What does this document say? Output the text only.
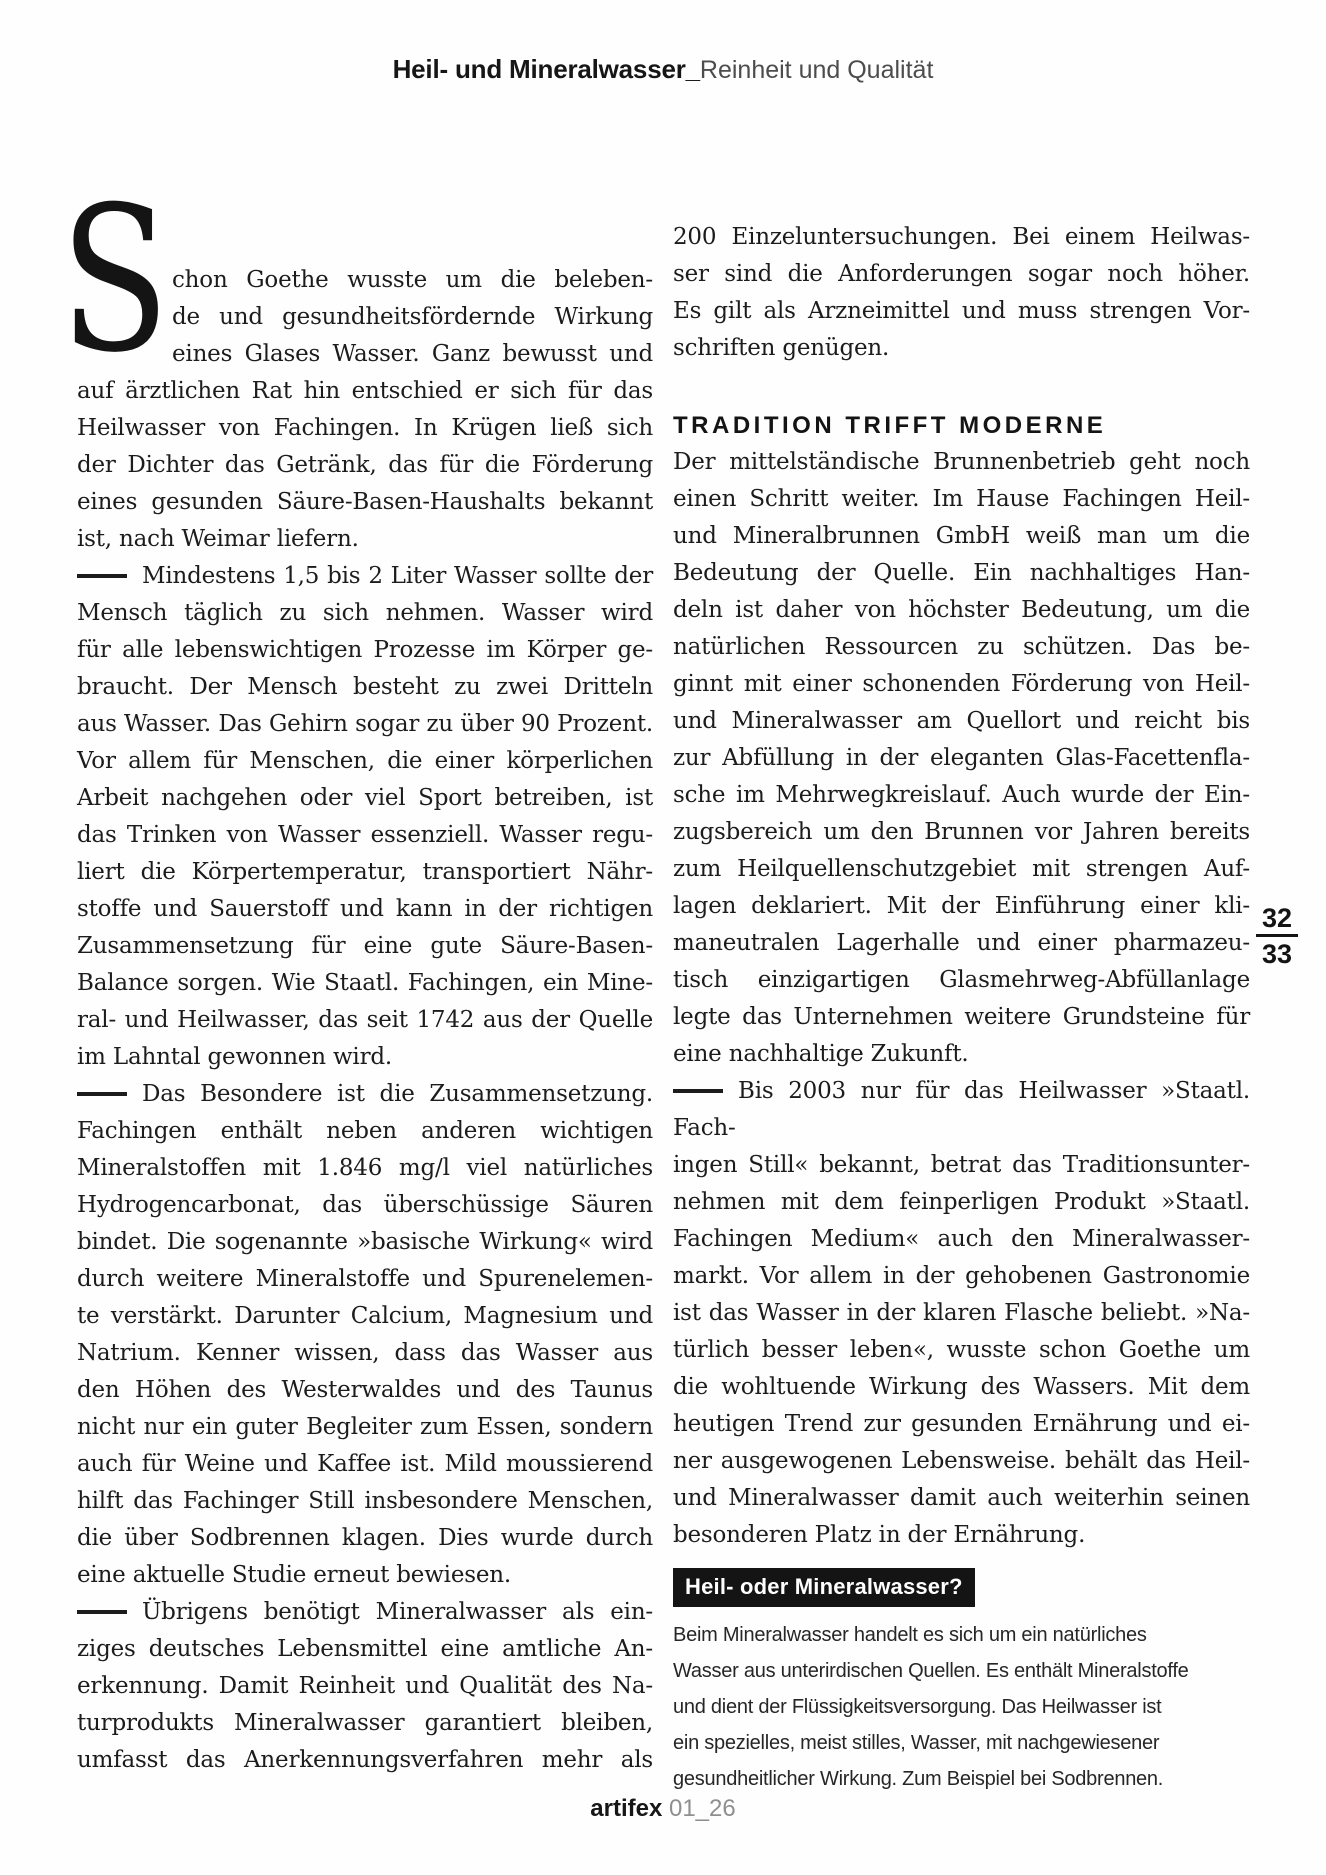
Heil- und Mineralwasser_Reinheit und Qualität
S chon Goethe wusste um die beleben-
de und gesundheitsfördernde Wirkung
eines Glases Wasser. Ganz bewusst und
auf ärztlichen Rat hin entschied er sich für das
Heilwasser von Fachingen. In Krügen ließ sich
der Dichter das Getränk, das für die Förderung
eines gesunden Säure-Basen-Haushalts bekannt
ist, nach Weimar liefern.
Mindestens 1,5 bis 2 Liter Wasser sollte der
Mensch täglich zu sich nehmen. Wasser wird
für alle lebenswichtigen Prozesse im Körper ge-
braucht. Der Mensch besteht zu zwei Dritteln
aus Wasser. Das Gehirn sogar zu über 90 Prozent.
Vor allem für Menschen, die einer körperlichen
Arbeit nachgehen oder viel Sport betreiben, ist
das Trinken von Wasser essenziell. Wasser regu-
liert die Körpertemperatur, transportiert Nähr-
stoffe und Sauerstoff und kann in der richtigen
Zusammensetzung für eine gute Säure-Basen-
Balance sorgen. Wie Staatl. Fachingen, ein Mine-
ral- und Heilwasser, das seit 1742 aus der Quelle
im Lahntal gewonnen wird.
Das Besondere ist die Zusammensetzung.
Fachingen enthält neben anderen wichtigen
Mineralstoffen mit 1.846 mg/l viel natürliches
Hydrogencarbonat, das überschüssige Säuren
bindet. Die sogenannte »basische Wirkung« wird
durch weitere Mineralstoffe und Spurenelemen-
te verstärkt. Darunter Calcium, Magnesium und
Natrium. Kenner wissen, dass das Wasser aus
den Höhen des Westerwaldes und des Taunus
nicht nur ein guter Begleiter zum Essen, sondern
auch für Weine und Kaffee ist. Mild moussierend
hilft das Fachinger Still insbesondere Menschen,
die über Sodbrennen klagen. Dies wurde durch
eine aktuelle Studie erneut bewiesen.
Übrigens benötigt Mineralwasser als ein-
ziges deutsches Lebensmittel eine amtliche An-
erkennung. Damit Reinheit und Qualität des Na-
turprodukts Mineralwasser garantiert bleiben,
umfasst das Anerkennungsverfahren mehr als
200 Einzeluntersuchungen. Bei einem Heilwas-
ser sind die Anforderungen sogar noch höher.
Es gilt als Arzneimittel und muss strengen Vor-
schriften genügen.
TRADITION TRIFFT MODERNE
Der mittelständische Brunnenbetrieb geht noch
einen Schritt weiter. Im Hause Fachingen Heil-
und Mineralbrunnen GmbH weiß man um die
Bedeutung der Quelle. Ein nachhaltiges Han-
deln ist daher von höchster Bedeutung, um die
natürlichen Ressourcen zu schützen. Das be-
ginnt mit einer schonenden Förderung von Heil-
und Mineralwasser am Quellort und reicht bis
zur Abfüllung in der eleganten Glas-Facettenfla-
sche im Mehrwegkreislauf. Auch wurde der Ein-
zugsbereich um den Brunnen vor Jahren bereits
zum Heilquellenschutzgebiet mit strengen Auf-
lagen deklariert. Mit der Einführung einer kli-
maneutralen Lagerhalle und einer pharmazeu-
tisch einzigartigen Glasmehrweg-Abfüllanlage
legte das Unternehmen weitere Grundsteine für
eine nachhaltige Zukunft.
Bis 2003 nur für das Heilwasser »Staatl. Fach-
ingen Still« bekannt, betrat das Traditionsunter-
nehmen mit dem feinperligen Produkt »Staatl.
Fachingen Medium« auch den Mineralwasser-
markt. Vor allem in der gehobenen Gastronomie
ist das Wasser in der klaren Flasche beliebt. »Na-
türlich besser leben«, wusste schon Goethe um
die wohltuende Wirkung des Wassers. Mit dem
heutigen Trend zur gesunden Ernährung und ei-
ner ausgewogenen Lebensweise. behält das Heil-
und Mineralwasser damit auch weiterhin seinen
besonderen Platz in der Ernährung.
Heil- oder Mineralwasser?
Beim Mineralwasser handelt es sich um ein natürliches
Wasser aus unterirdischen Quellen. Es enthält Mineralstoffe
und dient der Flüssigkeitsversorgung. Das Heilwasser ist
ein spezielles, meist stilles, Wasser, mit nachgewiesener
gesundheitlicher Wirkung. Zum Beispiel bei Sodbrennen.
32
33
artifex 01_26
